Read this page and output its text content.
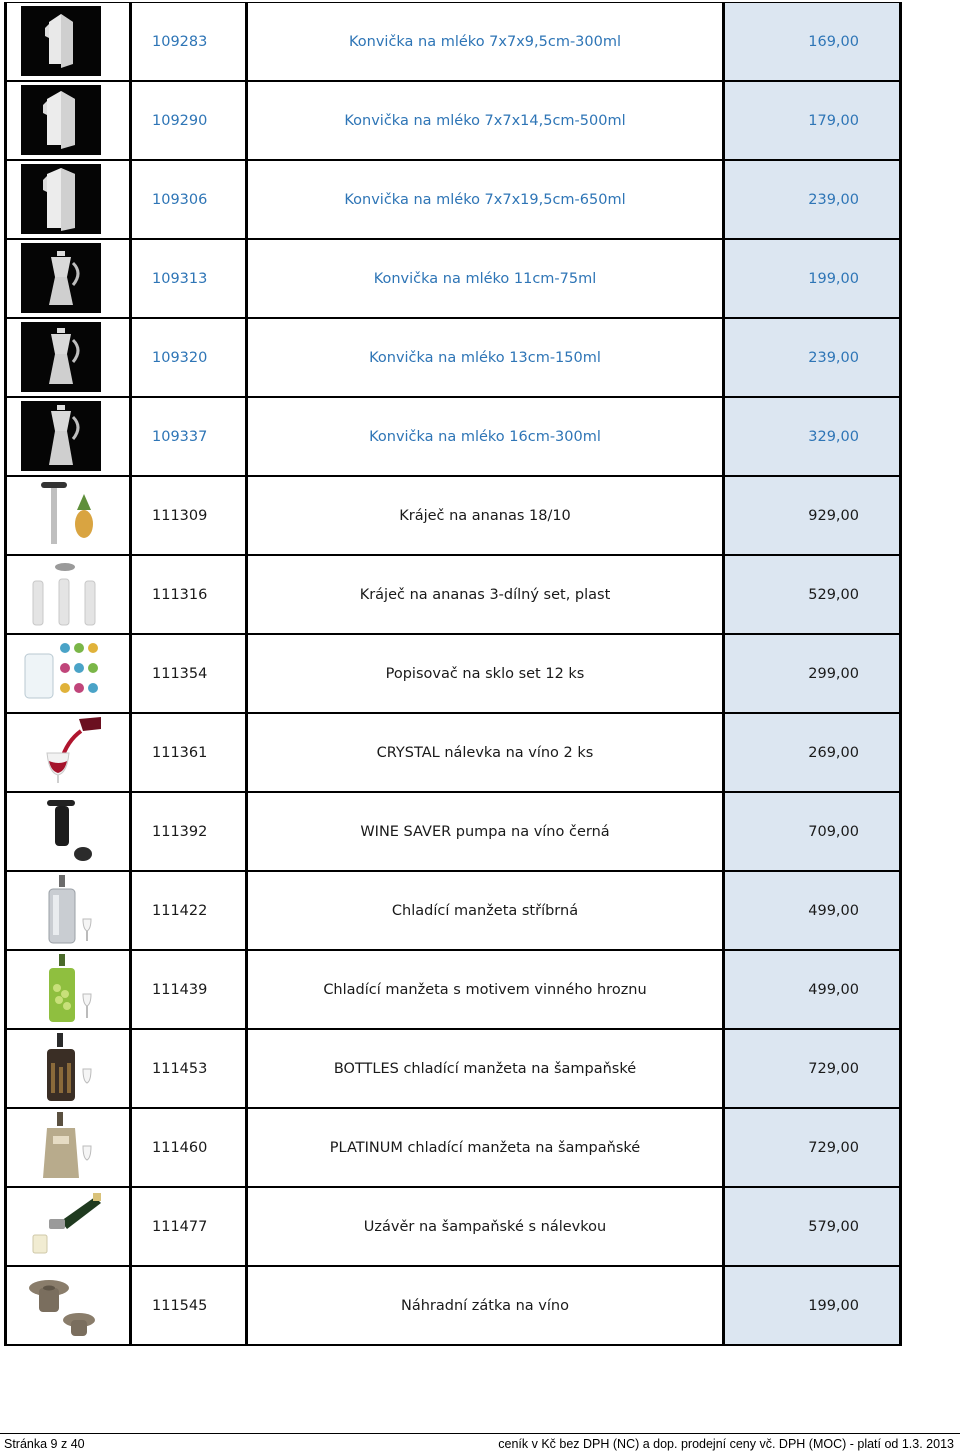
	109283	Konvička na mléko 7x7x9,5cm-300ml	169,00

	109290	Konvička na mléko 7x7x14,5cm-500ml	179,00

	109306	Konvička na mléko 7x7x19,5cm-650ml	239,00

	109313	Konvička na mléko 11cm-75ml	199,00

	109320	Konvička na mléko 13cm-150ml	239,00

	109337	Konvička na mléko 16cm-300ml	329,00

	111309	Kráječ na ananas 18/10	929,00

	111316	Kráječ na ananas 3-dílný set, plast	529,00

	111354	Popisovač na sklo set 12 ks	299,00

	111361	CRYSTAL nálevka na víno 2 ks	269,00

	111392	WINE SAVER pumpa na víno černá	709,00

	111422	Chladící manžeta stříbrná	499,00

	111439	Chladící manžeta s motivem vinného hroznu	499,00

	111453	BOTTLES chladící manžeta na šampaňské	729,00

	111460	PLATINUM chladící manžeta na šampaňské	729,00

	111477	Uzávěr na šampaňské s nálevkou	579,00

	111545	Náhradní zátka na víno	199,00
Stránka 9 z 40	ceník v Kč bez DPH (NC) a dop. prodejní ceny vč. DPH (MOC) - platí od 1.3. 2013
